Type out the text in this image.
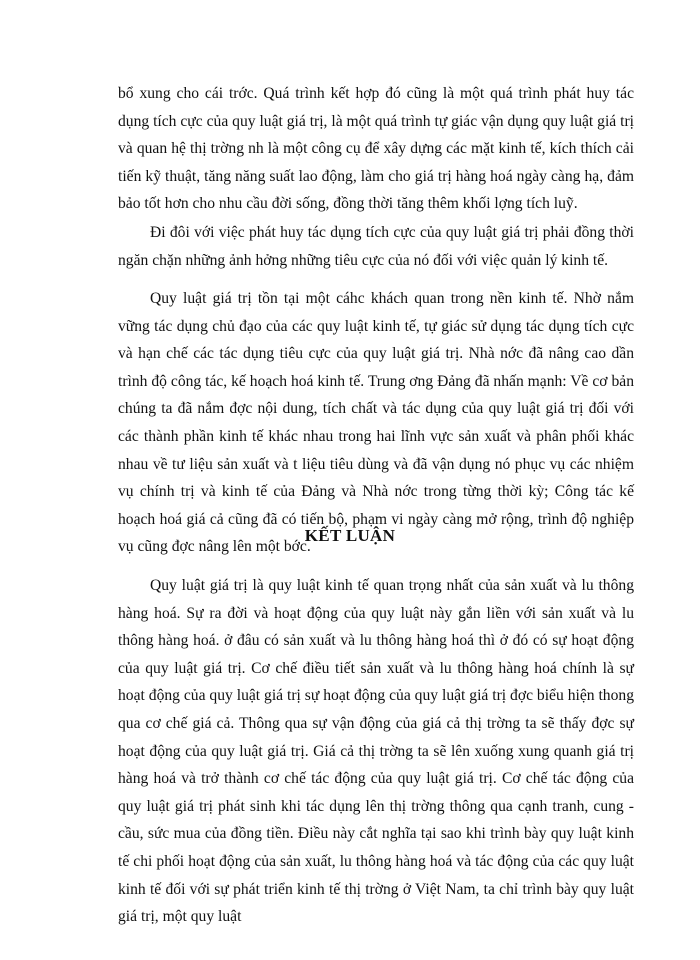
bổ xung cho cái trớc. Quá trình kết hợp đó cũng là một quá trình phát huy tác dụng tích cực của quy luật giá trị, là một quá trình tự giác vận dụng quy luật giá trị và quan hệ thị trờng nh là một công cụ để xây dựng các mặt kinh tế, kích thích cải tiến kỹ thuật, tăng năng suất lao động, làm cho giá trị hàng hoá ngày càng hạ, đảm bảo tốt hơn cho nhu cầu đời sống, đồng thời tăng thêm khối lợng tích luỹ.

Đi đôi với việc phát huy tác dụng tích cực của quy luật giá trị phải đồng thời ngăn chặn những ảnh hởng những tiêu cực của nó đối với việc quản lý kinh tế.

Quy luật giá trị tồn tại một cáhc khách quan trong nền kinh tế. Nhờ nắm vững tác dụng chủ đạo của các quy luật kinh tế, tự giác sử dụng tác dụng tích cực và hạn chế các tác dụng tiêu cực của quy luật giá trị. Nhà nớc đã nâng cao dần trình độ công tác, kế hoạch hoá kinh tế. Trung ơng Đảng đã nhấn mạnh: Về cơ bản chúng ta đã nắm đợc nội dung, tích chất và tác dụng của quy luật giá trị đối với các thành phần kinh tế khác nhau trong hai lĩnh vực sản xuất và phân phối khác nhau về tư liệu sản xuất và t liệu tiêu dùng và đã vận dụng nó phục vụ các nhiệm vụ chính trị và kinh tế của Đảng và Nhà nớc trong từng thời kỳ; Công tác kế hoạch hoá giá cả cũng đã có tiến bộ, phạm vi ngày càng mở rộng, trình độ nghiệp vụ cũng đợc nâng lên một bớc.

KẾT LUẬN

Quy luật giá trị là quy luật kinh tế quan trọng nhất của sản xuất và lu thông hàng hoá. Sự ra đời và hoạt động của quy luật này gắn liền với sản xuất và lu thông hàng hoá. ở đâu có sản xuất và lu thông hàng hoá thì ở đó có sự hoạt động của quy luật giá trị. Cơ chế điều tiết sản xuất và lu thông hàng hoá chính là sự hoạt động của quy luật giá trị sự hoạt động của quy luật giá trị đợc biểu hiện thong qua cơ chế giá cả. Thông qua sự vận động của giá cả thị trờng ta sẽ thấy đợc sự hoạt động của quy luật giá trị. Giá cả thị trờng ta sẽ lên xuống xung quanh giá trị hàng hoá và trở thành cơ chế tác động của quy luật giá trị. Cơ chế tác động của quy luật giá trị phát sinh khi tác dụng lên thị trờng thông qua cạnh tranh, cung - cầu, sức mua của đồng tiền. Điều này cắt nghĩa tại sao khi trình bày quy luật kinh tế chi phối hoạt động của sản xuất, lu thông hàng hoá và tác động của các quy luật kinh tế đối với sự phát triển kinh tế thị trờng ở Việt Nam, ta chỉ trình bày quy luật giá trị, một quy luật
